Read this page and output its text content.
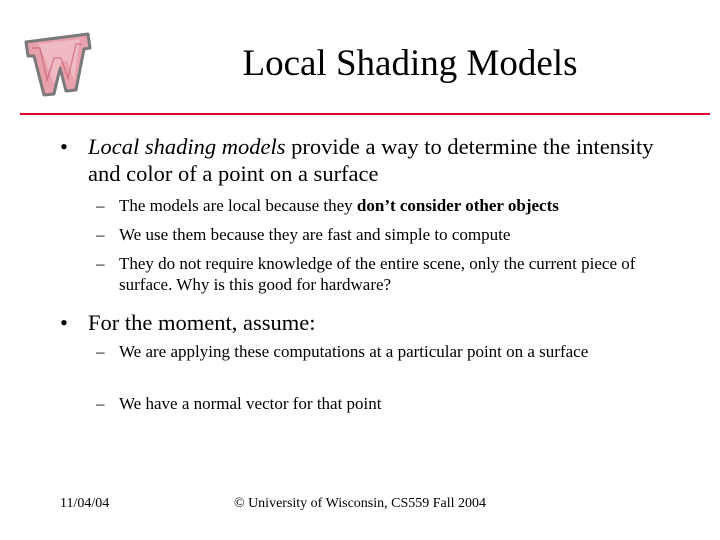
Local Shading Models
• Local shading models provide a way to determine the intensity and color of a point on a surface
– The models are local because they don’t consider other objects
– We use them because they are fast and simple to compute
– They do not require knowledge of the entire scene, only the current piece of surface. Why is this good for hardware?
• For the moment, assume:
– We are applying these computations at a particular point on a surface
– We have a normal vector for that point
11/04/04	© University of Wisconsin, CS559 Fall 2004
